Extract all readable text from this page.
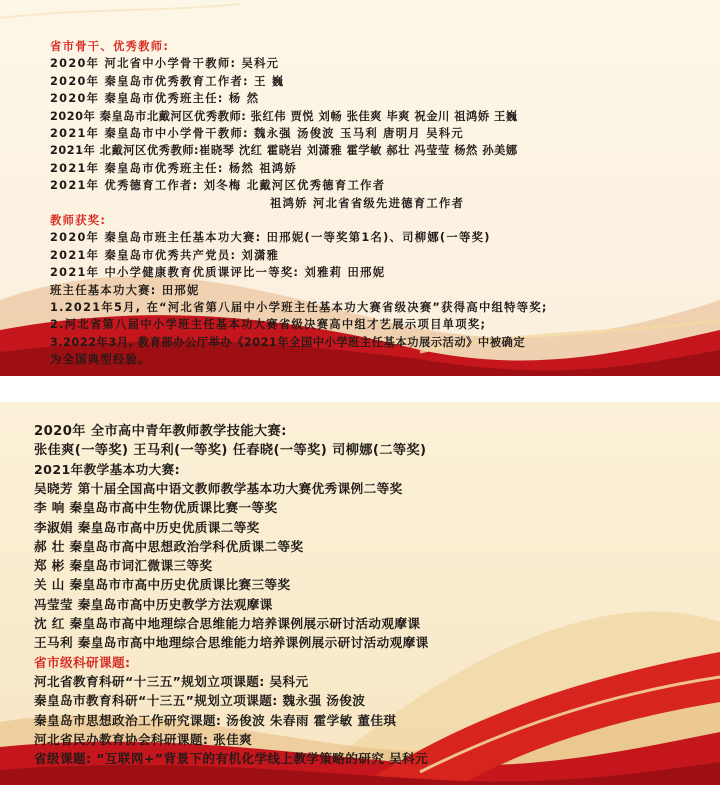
省市骨干、优秀教师:
2020年 河北省中小学骨干教师: 吴科元
2020年 秦皇岛市优秀教育工作者: 王 巍
2020年 秦皇岛市优秀班主任: 杨 然
2020年 秦皇岛市北戴河区优秀教师: 张红伟 贾悦 刘畅 张佳爽 毕爽 祝金川 祖鸿娇 王巍
2021年 秦皇岛市中小学骨干教师: 魏永强 汤俊波 玉马利 唐明月 吴科元
2021年 北戴河区优秀教师:崔晓琴 沈红 霍晓岩 刘潇雅 霍学敏 郝壮 冯莹莹 杨然 孙美娜
2021年 秦皇岛市优秀班主任: 杨然 祖鸿娇
2021年 优秀德育工作者: 刘冬梅 北戴河区优秀德育工作者
祖鸿娇 河北省省级先进德育工作者
教师获奖:
2020年 秦皇岛市班主任基本功大赛: 田邢妮(一等奖第1名)、司柳娜(一等奖)
2021年 秦皇岛市优秀共产党员: 刘潇雅
2021年 中小学健康教育优质课评比一等奖: 刘雅莉 田邢妮
班主任基本功大赛: 田邢妮
1.2021年5月, 在“河北省第八届中小学班主任基本功大赛省级决赛”获得高中组特等奖;
2.河北省第八届中小学班主任基本功大赛省级决赛高中组才艺展示项目单项奖;
3.2022年3月, 教育部办公厅举办《2021年全国中小学班主任基本功展示活动》中被确定
为全国典型经验。
2020年 全市高中青年教师教学技能大赛:
张佳爽(一等奖) 王马利(一等奖) 任春晓(一等奖) 司柳娜(二等奖)
2021年教学基本功大赛:
吴晓芳 第十届全国高中语文教师教学基本功大赛优秀课例二等奖
李 响 秦皇岛市高中生物优质课比赛一等奖
李淑娟 秦皇岛市高中历史优质课二等奖
郝 壮 秦皇岛市高中思想政治学科优质课二等奖
郑 彬 秦皇岛市词汇微课三等奖
关 山 秦皇岛市市高中历史优质课比赛三等奖
冯莹莹 秦皇岛市高中历史教学方法观摩课
沈 红 秦皇岛市高中地理综合思维能力培养课例展示研讨活动观摩课
王马利 秦皇岛市高中地理综合思维能力培养课例展示研讨活动观摩课
省市级科研课题:
河北省教育科研“十三五”规划立项课题: 吴科元
秦皇岛市教育科研“十三五”规划立项课题: 魏永强 汤俊波
秦皇岛市思想政治工作研究课题: 汤俊波 朱春雨 霍学敏 董佳琪
河北省民办教育协会科研课题: 张佳爽
省级课题: “互联网+”背景下的有机化学线上教学策略的研究 吴科元
